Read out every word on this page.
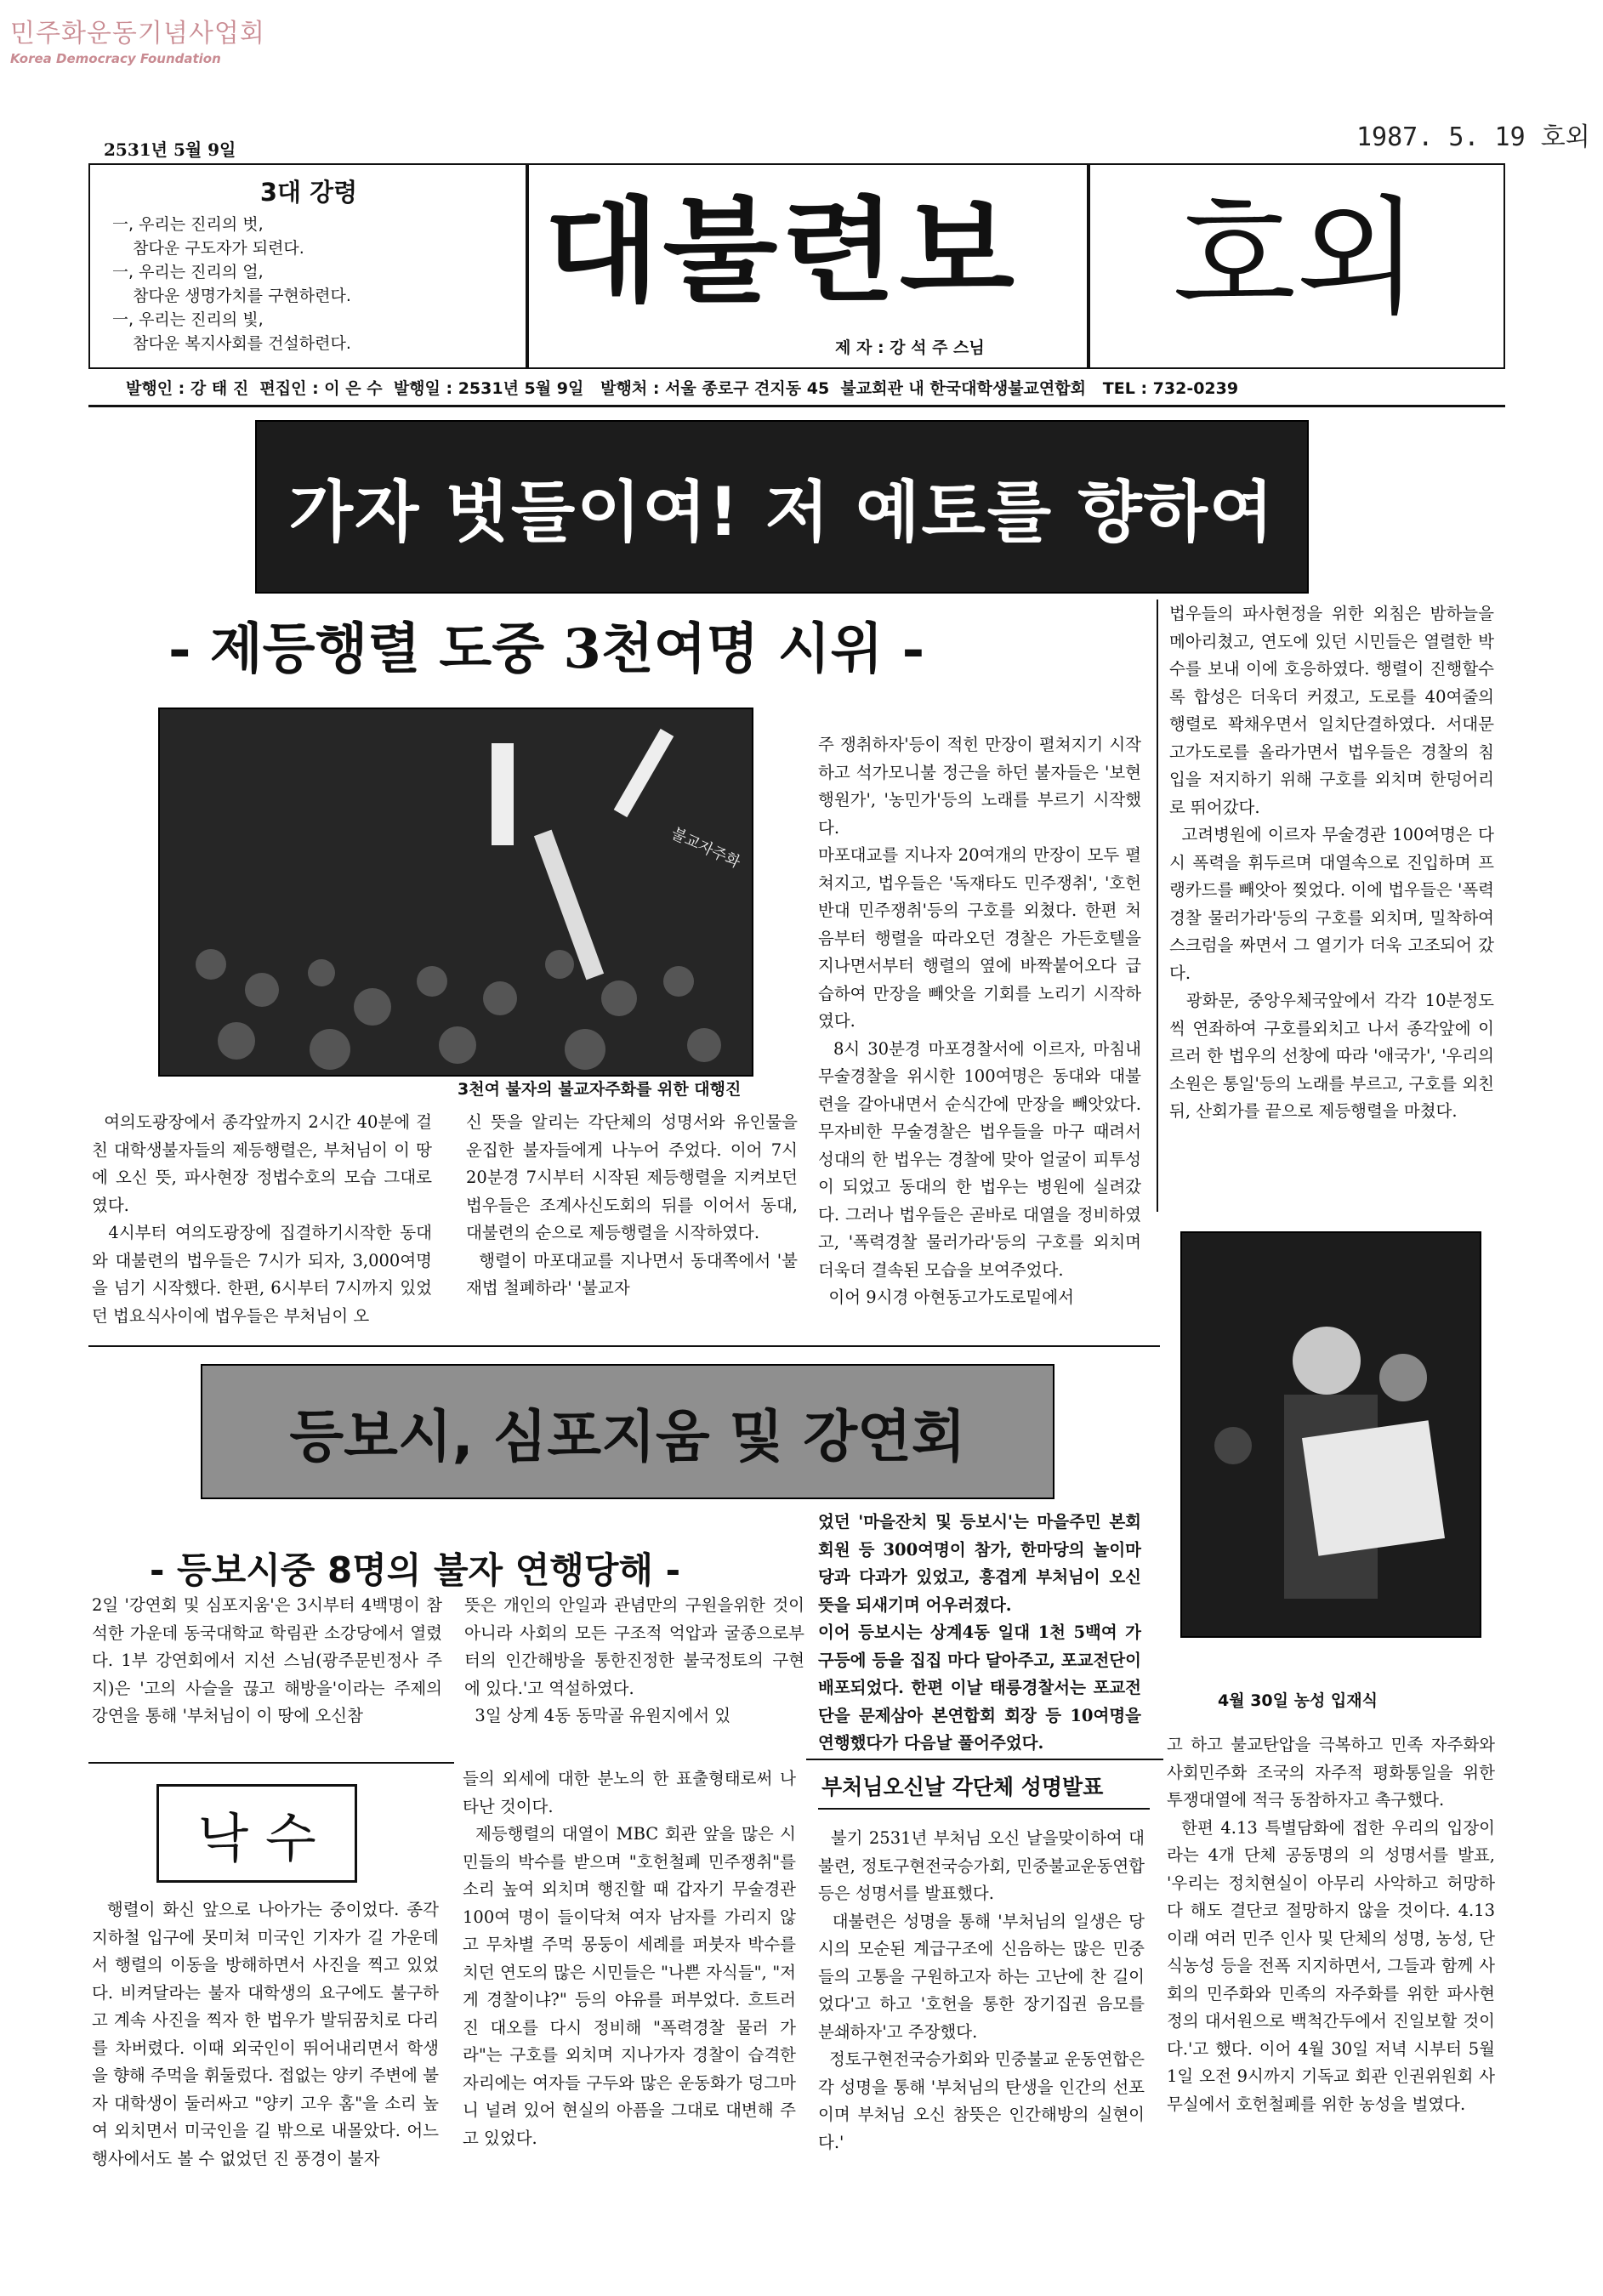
민주화운동기념사업회
Korea Democracy Foundation
1987. 5. 19 호외
2531년 5월 9일
3대 강령
一, 우리는 진리의 벗,
참다운 구도자가 되련다.
一, 우리는 진리의 얼,
참다운 생명가치를 구현하련다.
一, 우리는 진리의 빛,
참다운 복지사회를 건설하련다.
대불련보
제 자 : 강 석 주 스님
호외
발행인 : 강 태 진  편집인 : 이 은 수  발행일 : 2531년 5월 9일   발행처 : 서울 종로구 견지동 45  불교회관 내 한국대학생불교연합회   TEL : 732-0239
가자 벗들이여! 저 예토를 향하여
- 제등행렬 도중 3천여명 시위 -
불교자주화
3천여 불자의 불교자주화를 위한 대행진

여의도광장에서 종각앞까지 2시간 40분에 걸친 대학생불자들의 제등행렬은, 부처님이 이 땅에 오신 뜻, 파사현장 정법수호의 모습 그대로였다.
4시부터 여의도광장에 집결하기시작한 동대와 대불련의 법우들은 7시가 되자, 3,000여명을 넘기 시작했다. 한편, 6시부터 7시까지 있었던 법요식사이에 법우들은 부처님이 오

신 뜻을 알리는 각단체의 성명서와 유인물을 운집한 불자들에게 나누어 주었다. 이어 7시 20분경 7시부터 시작된 제등행렬을 지켜보던 법우들은 조계사신도회의 뒤를 이어서 동대, 대불련의 순으로 제등행렬을 시작하였다.
행렬이 마포대교를 지나면서 동대쪽에서 '불재법 철폐하라' '불교자

주 쟁취하자'등이 적힌 만장이 펼쳐지기 시작하고 석가모니불 정근을 하던 불자들은 '보현행원가', '농민가'등의 노래를 부르기 시작했다.
마포대교를 지나자 20여개의 만장이 모두 펼쳐지고, 법우들은 '독재타도 민주쟁취', '호헌반대 민주쟁취'등의 구호를 외쳤다. 한편 처음부터 행렬을 따라오던 경찰은 가든호텔을 지나면서부터 행렬의 옆에 바짝붙어오다 급습하여 만장을 빼앗을 기회를 노리기 시작하였다.
8시 30분경 마포경찰서에 이르자, 마침내 무술경찰을 위시한 100여명은 동대와 대불련을 갈아내면서 순식간에 만장을 빼앗았다. 무자비한 무술경찰은 법우들을 마구 때려서 성대의 한 법우는 경찰에 맞아 얼굴이 피투성이 되었고 동대의 한 법우는 병원에 실려갔다. 그러나 법우들은 곧바로 대열을 정비하였고, '폭력경찰 물러가라'등의 구호를 외치며 더욱더 결속된 모습을 보여주었다.
이어 9시경 아현동고가도로밑에서

법우들의 파사현정을 위한 외침은 밤하늘을 메아리쳤고, 연도에 있던 시민들은 열렬한 박수를 보내 이에 호응하였다. 행렬이 진행할수록 합성은 더욱더 커졌고, 도로를 40여줄의 행렬로 꽉채우면서 일치단결하였다. 서대문고가도로를 올라가면서 법우들은 경찰의 침입을 저지하기 위해 구호를 외치며 한덩어리로 뛰어갔다.
고려병원에 이르자 무술경관 100여명은 다시 폭력을 휘두르며 대열속으로 진입하며 프랭카드를 빼앗아 찢었다. 이에 법우들은 '폭력경찰 물러가라'등의 구호를 외치며, 밀착하여 스크럼을 짜면서 그 열기가 더욱 고조되어 갔다.
광화문, 중앙우체국앞에서 각각 10분정도씩 연좌하여 구호를외치고 나서 종각앞에 이르러 한 법우의 선창에 따라 '애국가', '우리의 소원은 통일'등의 노래를 부르고, 구호를 외친뒤, 산회가를 끝으로 제등행렬을 마쳤다.

4월 30일 농성 입재식
등보시, 심포지움 및 강연회
- 등보시중 8명의 불자 연행당해 -

2일 '강연회 및 심포지움'은 3시부터 4백명이 참석한 가운데 동국대학교 학림관 소강당에서 열렸다. 1부 강연회에서 지선 스님(광주문빈정사 주지)은 '고의 사슬을 끊고 해방을'이라는 주제의 강연을 통해 '부처님이 이 땅에 오신참

뜻은 개인의 안일과 관념만의 구원을위한 것이 아니라 사회의 모든 구조적 억압과 굴종으로부터의 인간해방을 통한진정한 불국정토의 구현에 있다.'고 역설하였다.
3일 상계 4동 동막골 유원지에서 있

었던 '마을잔치 및 등보시'는 마을주민 본회회원 등 300여명이 참가, 한마당의 놀이마당과 다과가 있었고, 흥겹게 부처님이 오신 뜻을 되새기며 어우러졌다.
이어 등보시는 상계4동 일대 1천 5백여 가구등에 등을 집집 마다 달아주고, 포교전단이 배포되었다. 한편 이날 태릉경찰서는 포교전단을 문제삼아 본연합회 회장 등 10여명을 연행했다가 다음날 풀어주었다.

낙 수

행렬이 화신 앞으로 나아가는 중이었다. 종각 지하철 입구에 못미쳐 미국인 기자가 길 가운데서 행렬의 이동을 방해하면서 사진을 찍고 있었다. 비켜달라는 불자 대학생의 요구에도 불구하고 계속 사진을 찍자 한 법우가 발뒤꿈치로 다리를 차버렸다. 이때 외국인이 뛰어내리면서 학생을 향해 주먹을 휘둘렀다. 접없는 양키 주변에 불자 대학생이 둘러싸고 "양키 고우 홈"을 소리 높여 외치면서 미국인을 길 밖으로 내몰았다. 어느 행사에서도 볼 수 없었던 진 풍경이 불자

들의 외세에 대한 분노의 한 표출형태로써 나타난 것이다.
제등행렬의 대열이 MBC 회관 앞을 많은 시민들의 박수를 받으며 "호헌철폐 민주쟁취"를 소리 높여 외치며 행진할 때 갑자기 무술경관 100여 명이 들이닥쳐 여자 남자를 가리지 않고 무차별 주먹 몽둥이 세례를 퍼붓자 박수를 치던 연도의 많은 시민들은 "나쁜 자식들", "저게 경찰이냐?" 등의 야유를 퍼부었다. 흐트러진 대오를 다시 정비해 "폭력경찰 물러 가라"는 구호를 외치며 지나가자 경찰이 습격한 자리에는 여자들 구두와 많은 운동화가 덩그마니 널려 있어 현실의 아픔을 그대로 대변해 주고 있었다.

부처님오신날 각단체 성명발표

불기 2531년 부처님 오신 날을맞이하여 대불련, 정토구현전국승가회, 민중불교운동연합 등은 성명서를 발표했다.
대불련은 성명을 통해 '부처님의 일생은 당시의 모순된 계급구조에 신음하는 많은 민중들의 고통을 구원하고자 하는 고난에 찬 길이었다'고 하고 '호헌을 통한 장기집권 음모를 분쇄하자'고 주장했다.
정토구현전국승가회와 민중불교 운동연합은 각 성명을 통해 '부처님의 탄생을 인간의 선포이며 부처님 오신 참뜻은 인간해방의 실현이다.'

고 하고 불교탄압을 극복하고 민족 자주화와 사회민주화 조국의 자주적 평화통일을 위한 투쟁대열에 적극 동참하자고 촉구했다.
한편 4.13 특별담화에 접한 우리의 입장이라는 4개 단체 공동명의 의 성명서를 발표, '우리는 정치현실이 아무리 사악하고 허망하다 해도 결단코 절망하지 않을 것이다. 4.13 이래 여러 민주 인사 및 단체의 성명, 농성, 단식농성 등을 전폭 지지하면서, 그들과 함께 사회의 민주화와 민족의 자주화를 위한 파사현정의 대서원으로 백척간두에서 진일보할 것이다.'고 했다. 이어 4월 30일 저녁 시부터 5월 1일 오전 9시까지 기독교 회관 인권위원회 사무실에서 호헌철폐를 위한 농성을 벌였다.
